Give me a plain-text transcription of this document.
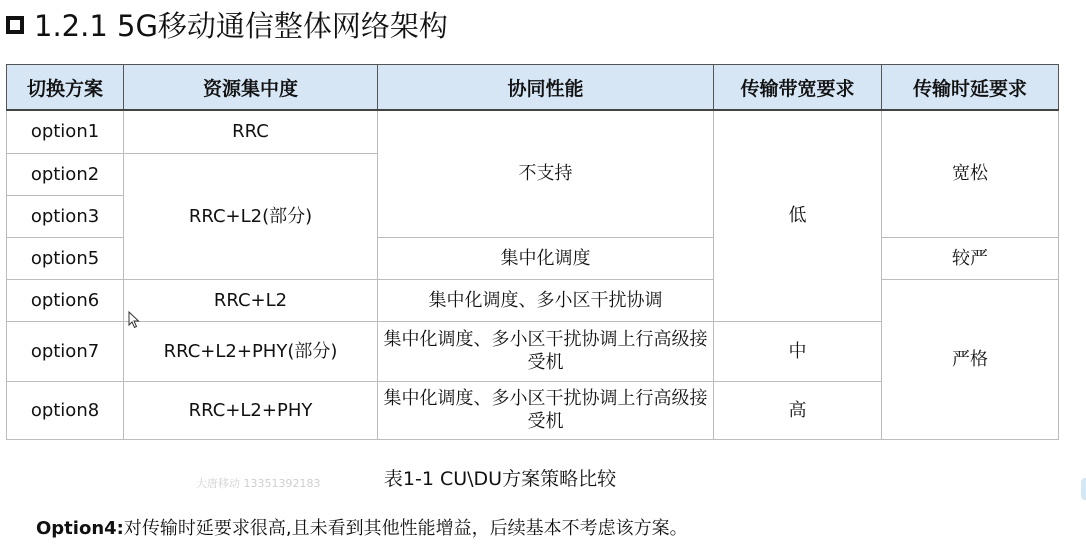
1.2.1 5G移动通信整体网络架构
切换方案	资源集中度	协同性能	传输带宽要求	传输时延要求
option1	RRC	不支持	低	宽松
option2	RRC+L2(部分)			
option3				
option5		集中化调度		较严
option6	RRC+L2	集中化调度、多小区干扰协调		严格
option7	RRC+L2+PHY(部分)	集中化调度、多小区干扰协调上行高级接受机	中	
option8	RRC+L2+PHY	集中化调度、多小区干扰协调上行高级接受机	高	
大唐移动 13351392183	表1-1 CU\DU方案策略比较
Option4:对传输时延要求很高,且未看到其他性能增益，后续基本不考虑该方案。
